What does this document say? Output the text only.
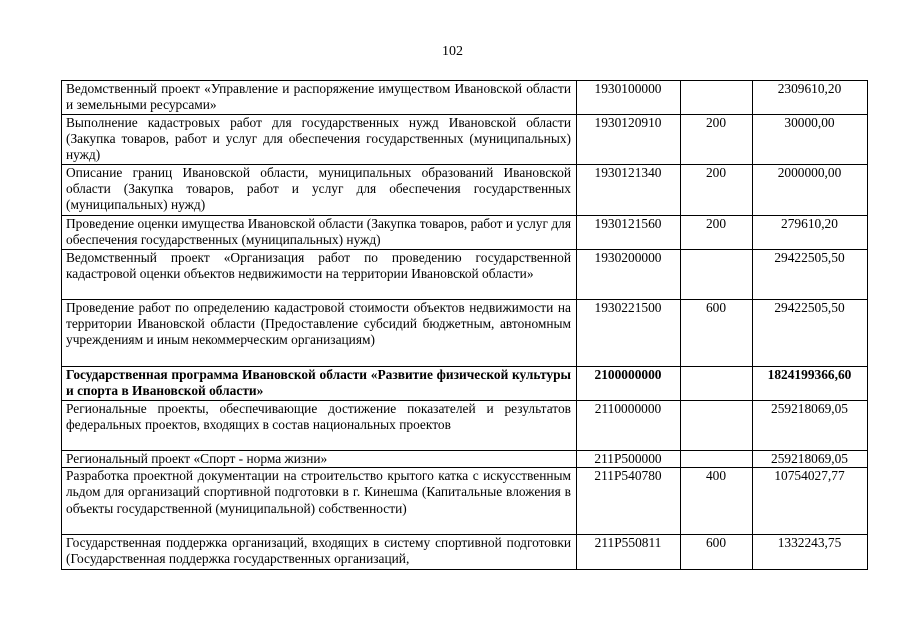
102
Ведомственный проект «Управление и распоряжение имуществом Ивановской области и земельными ресурсами»	1930100000		2309610,20
Выполнение кадастровых работ для государственных нужд Ивановской области (Закупка товаров, работ и услуг для обеспечения государственных (муниципальных) нужд)	1930120910	200	30000,00
Описание границ Ивановской области, муниципальных образований Ивановской области (Закупка товаров, работ и услуг для обеспечения государственных (муниципальных) нужд)	1930121340	200	2000000,00
Проведение оценки имущества Ивановской области (Закупка товаров, работ и услуг для обеспечения государственных (муниципальных) нужд)	1930121560	200	279610,20
Ведомственный проект «Организация работ по проведению государственной кадастровой оценки объектов недвижимости на территории Ивановской области»	1930200000		29422505,50
Проведение работ по определению кадастровой стоимости объектов недвижимости на территории Ивановской области (Предоставление субсидий бюджетным, автономным учреждениям и иным некоммерческим организациям)	1930221500	600	29422505,50
Государственная программа Ивановской области «Развитие физической культуры и спорта в Ивановской области»	2100000000		1824199366,60
Региональные проекты, обеспечивающие достижение показателей и результатов федеральных проектов, входящих в состав национальных проектов	2110000000		259218069,05
Региональный проект «Спорт - норма жизни»	211P500000		259218069,05
Разработка проектной документации на строительство крытого катка с искусственным льдом для организаций спортивной подготовки в г. Кинешма (Капитальные вложения в объекты государственной (муниципальной) собственности)	211P540780	400	10754027,77
Государственная поддержка организаций, входящих в систему спортивной подготовки (Государственная поддержка государственных организаций,	211P550811	600	1332243,75
